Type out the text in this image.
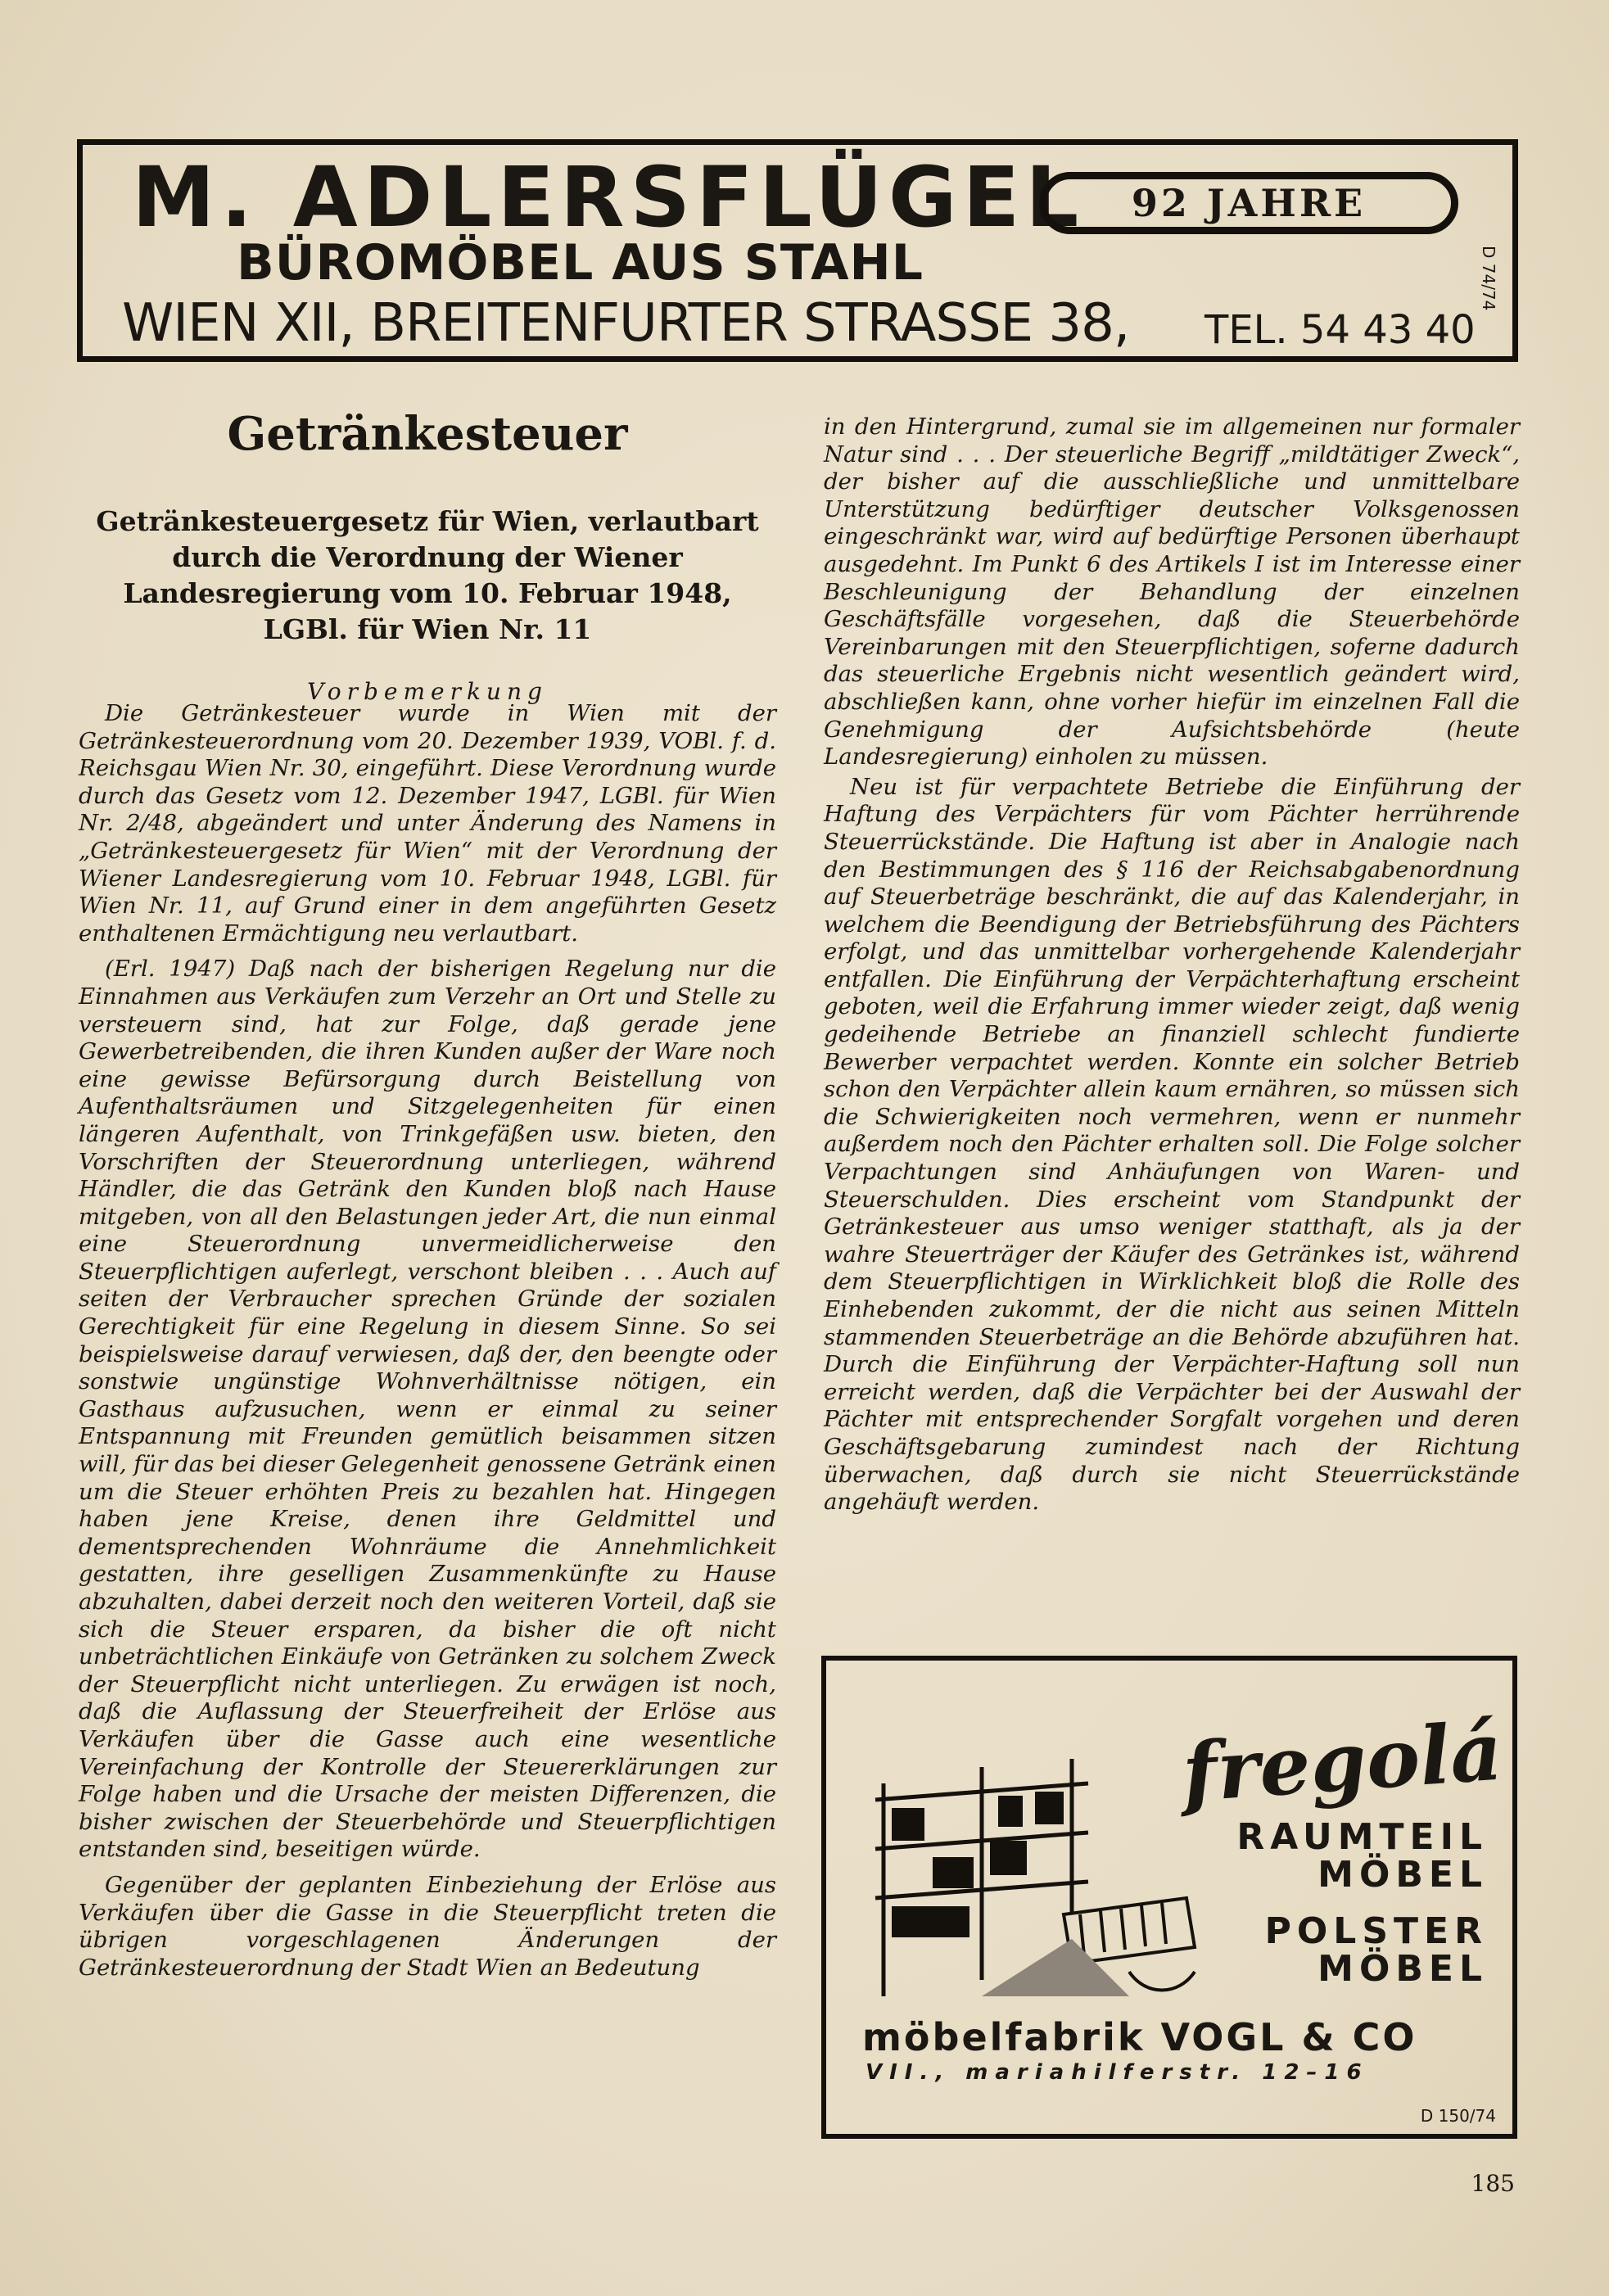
M. ADLERSFLÜGEL	92 JAHRE
BÜROMÖBEL AUS STAHL
WIEN XII, BREITENFURTER STRASSE 38, TEL. 54 43 40
D 74/74
Getränkesteuer
Getränkesteuergesetz für Wien, verlautbart durch die Verordnung der Wiener Landesregierung vom 10. Februar 1948, LGBl. für Wien Nr. 11
Vorbemerkung

Die Getränkesteuer wurde in Wien mit der Getränkesteuerordnung vom 20. Dezember 1939, VOBl. f. d. Reichsgau Wien Nr. 30, eingeführt. Diese Verordnung wurde durch das Gesetz vom 12. Dezember 1947, LGBl. für Wien Nr. 2/48, abgeändert und unter Änderung des Namens in „Getränkesteuergesetz für Wien“ mit der Verordnung der Wiener Landesregierung vom 10. Februar 1948, LGBl. für Wien Nr. 11, auf Grund einer in dem angeführten Gesetz enthaltenen Ermächtigung neu verlautbart.

(Erl. 1947) Daß nach der bisherigen Regelung nur die Einnahmen aus Verkäufen zum Verzehr an Ort und Stelle zu versteuern sind, hat zur Folge, daß gerade jene Gewerbetreibenden, die ihren Kunden außer der Ware noch eine gewisse Befürsorgung durch Beistellung von Aufenthaltsräumen und Sitzgelegenheiten für einen längeren Aufenthalt, von Trinkgefäßen usw. bieten, den Vorschriften der Steuerordnung unterliegen, während Händler, die das Getränk den Kunden bloß nach Hause mitgeben, von all den Belastungen jeder Art, die nun einmal eine Steuerordnung unvermeidlicherweise den Steuerpflichtigen auferlegt, verschont bleiben . . . Auch auf seiten der Verbraucher sprechen Gründe der sozialen Gerechtigkeit für eine Regelung in diesem Sinne. So sei beispielsweise darauf verwiesen, daß der, den beengte oder sonstwie ungünstige Wohnverhältnisse nötigen, ein Gasthaus aufzusuchen, wenn er einmal zu seiner Entspannung mit Freunden gemütlich beisammen sitzen will, für das bei dieser Gelegenheit genossene Getränk einen um die Steuer erhöhten Preis zu bezahlen hat. Hingegen haben jene Kreise, denen ihre Geldmittel und dementsprechenden Wohnräume die Annehmlichkeit gestatten, ihre geselligen Zusammenkünfte zu Hause abzuhalten, dabei derzeit noch den weiteren Vorteil, daß sie sich die Steuer ersparen, da bisher die oft nicht unbeträchtlichen Einkäufe von Getränken zu solchem Zweck der Steuerpflicht nicht unterliegen. Zu erwägen ist noch, daß die Auflassung der Steuerfreiheit der Erlöse aus Verkäufen über die Gasse auch eine wesentliche Vereinfachung der Kontrolle der Steuererklärungen zur Folge haben und die Ursache der meisten Differenzen, die bisher zwischen der Steuerbehörde und Steuerpflichtigen entstanden sind, beseitigen würde.

Gegenüber der geplanten Einbeziehung der Erlöse aus Verkäufen über die Gasse in die Steuerpflicht treten die übrigen vorgeschlagenen Änderungen der Getränkesteuerordnung der Stadt Wien an Bedeutung

in den Hintergrund, zumal sie im allgemeinen nur formaler Natur sind . . . Der steuerliche Begriff „mildtätiger Zweck“, der bisher auf die ausschließliche und unmittelbare Unterstützung bedürftiger deutscher Volksgenossen eingeschränkt war, wird auf bedürftige Personen überhaupt ausgedehnt. Im Punkt 6 des Artikels I ist im Interesse einer Beschleunigung der Behandlung der einzelnen Geschäftsfälle vorgesehen, daß die Steuerbehörde Vereinbarungen mit den Steuerpflichtigen, soferne dadurch das steuerliche Ergebnis nicht wesentlich geändert wird, abschließen kann, ohne vorher hiefür im einzelnen Fall die Genehmigung der Aufsichtsbehörde (heute Landesregierung) einholen zu müssen.

Neu ist für verpachtete Betriebe die Einführung der Haftung des Verpächters für vom Pächter herrührende Steuerrückstände. Die Haftung ist aber in Analogie nach den Bestimmungen des § 116 der Reichsabgabenordnung auf Steuerbeträge beschränkt, die auf das Kalenderjahr, in welchem die Beendigung der Betriebsführung des Pächters erfolgt, und das unmittelbar vorhergehende Kalenderjahr entfallen. Die Einführung der Verpächterhaftung erscheint geboten, weil die Erfahrung immer wieder zeigt, daß wenig gedeihende Betriebe an finanziell schlecht fundierte Bewerber verpachtet werden. Konnte ein solcher Betrieb schon den Verpächter allein kaum ernähren, so müssen sich die Schwierigkeiten noch vermehren, wenn er nunmehr außerdem noch den Pächter erhalten soll. Die Folge solcher Verpachtungen sind Anhäufungen von Waren- und Steuerschulden. Dies erscheint vom Standpunkt der Getränkesteuer aus umso weniger statthaft, als ja der wahre Steuerträger der Käufer des Getränkes ist, während dem Steuerpflichtigen in Wirklichkeit bloß die Rolle des Einhebenden zukommt, der die nicht aus seinen Mitteln stammenden Steuerbeträge an die Behörde abzuführen hat. Durch die Einführung der Verpächter-Haftung soll nun erreicht werden, daß die Verpächter bei der Auswahl der Pächter mit entsprechender Sorgfalt vorgehen und deren Geschäftsgebarung zumindest nach der Richtung überwachen, daß durch sie nicht Steuerrückstände angehäuft werden.

fregolá
RAUMTEIL
MÖBEL
POLSTER
MÖBEL
möbelfabrik VOGL & CO
VII., mariahilferstr. 12–16
D 150/74
185
